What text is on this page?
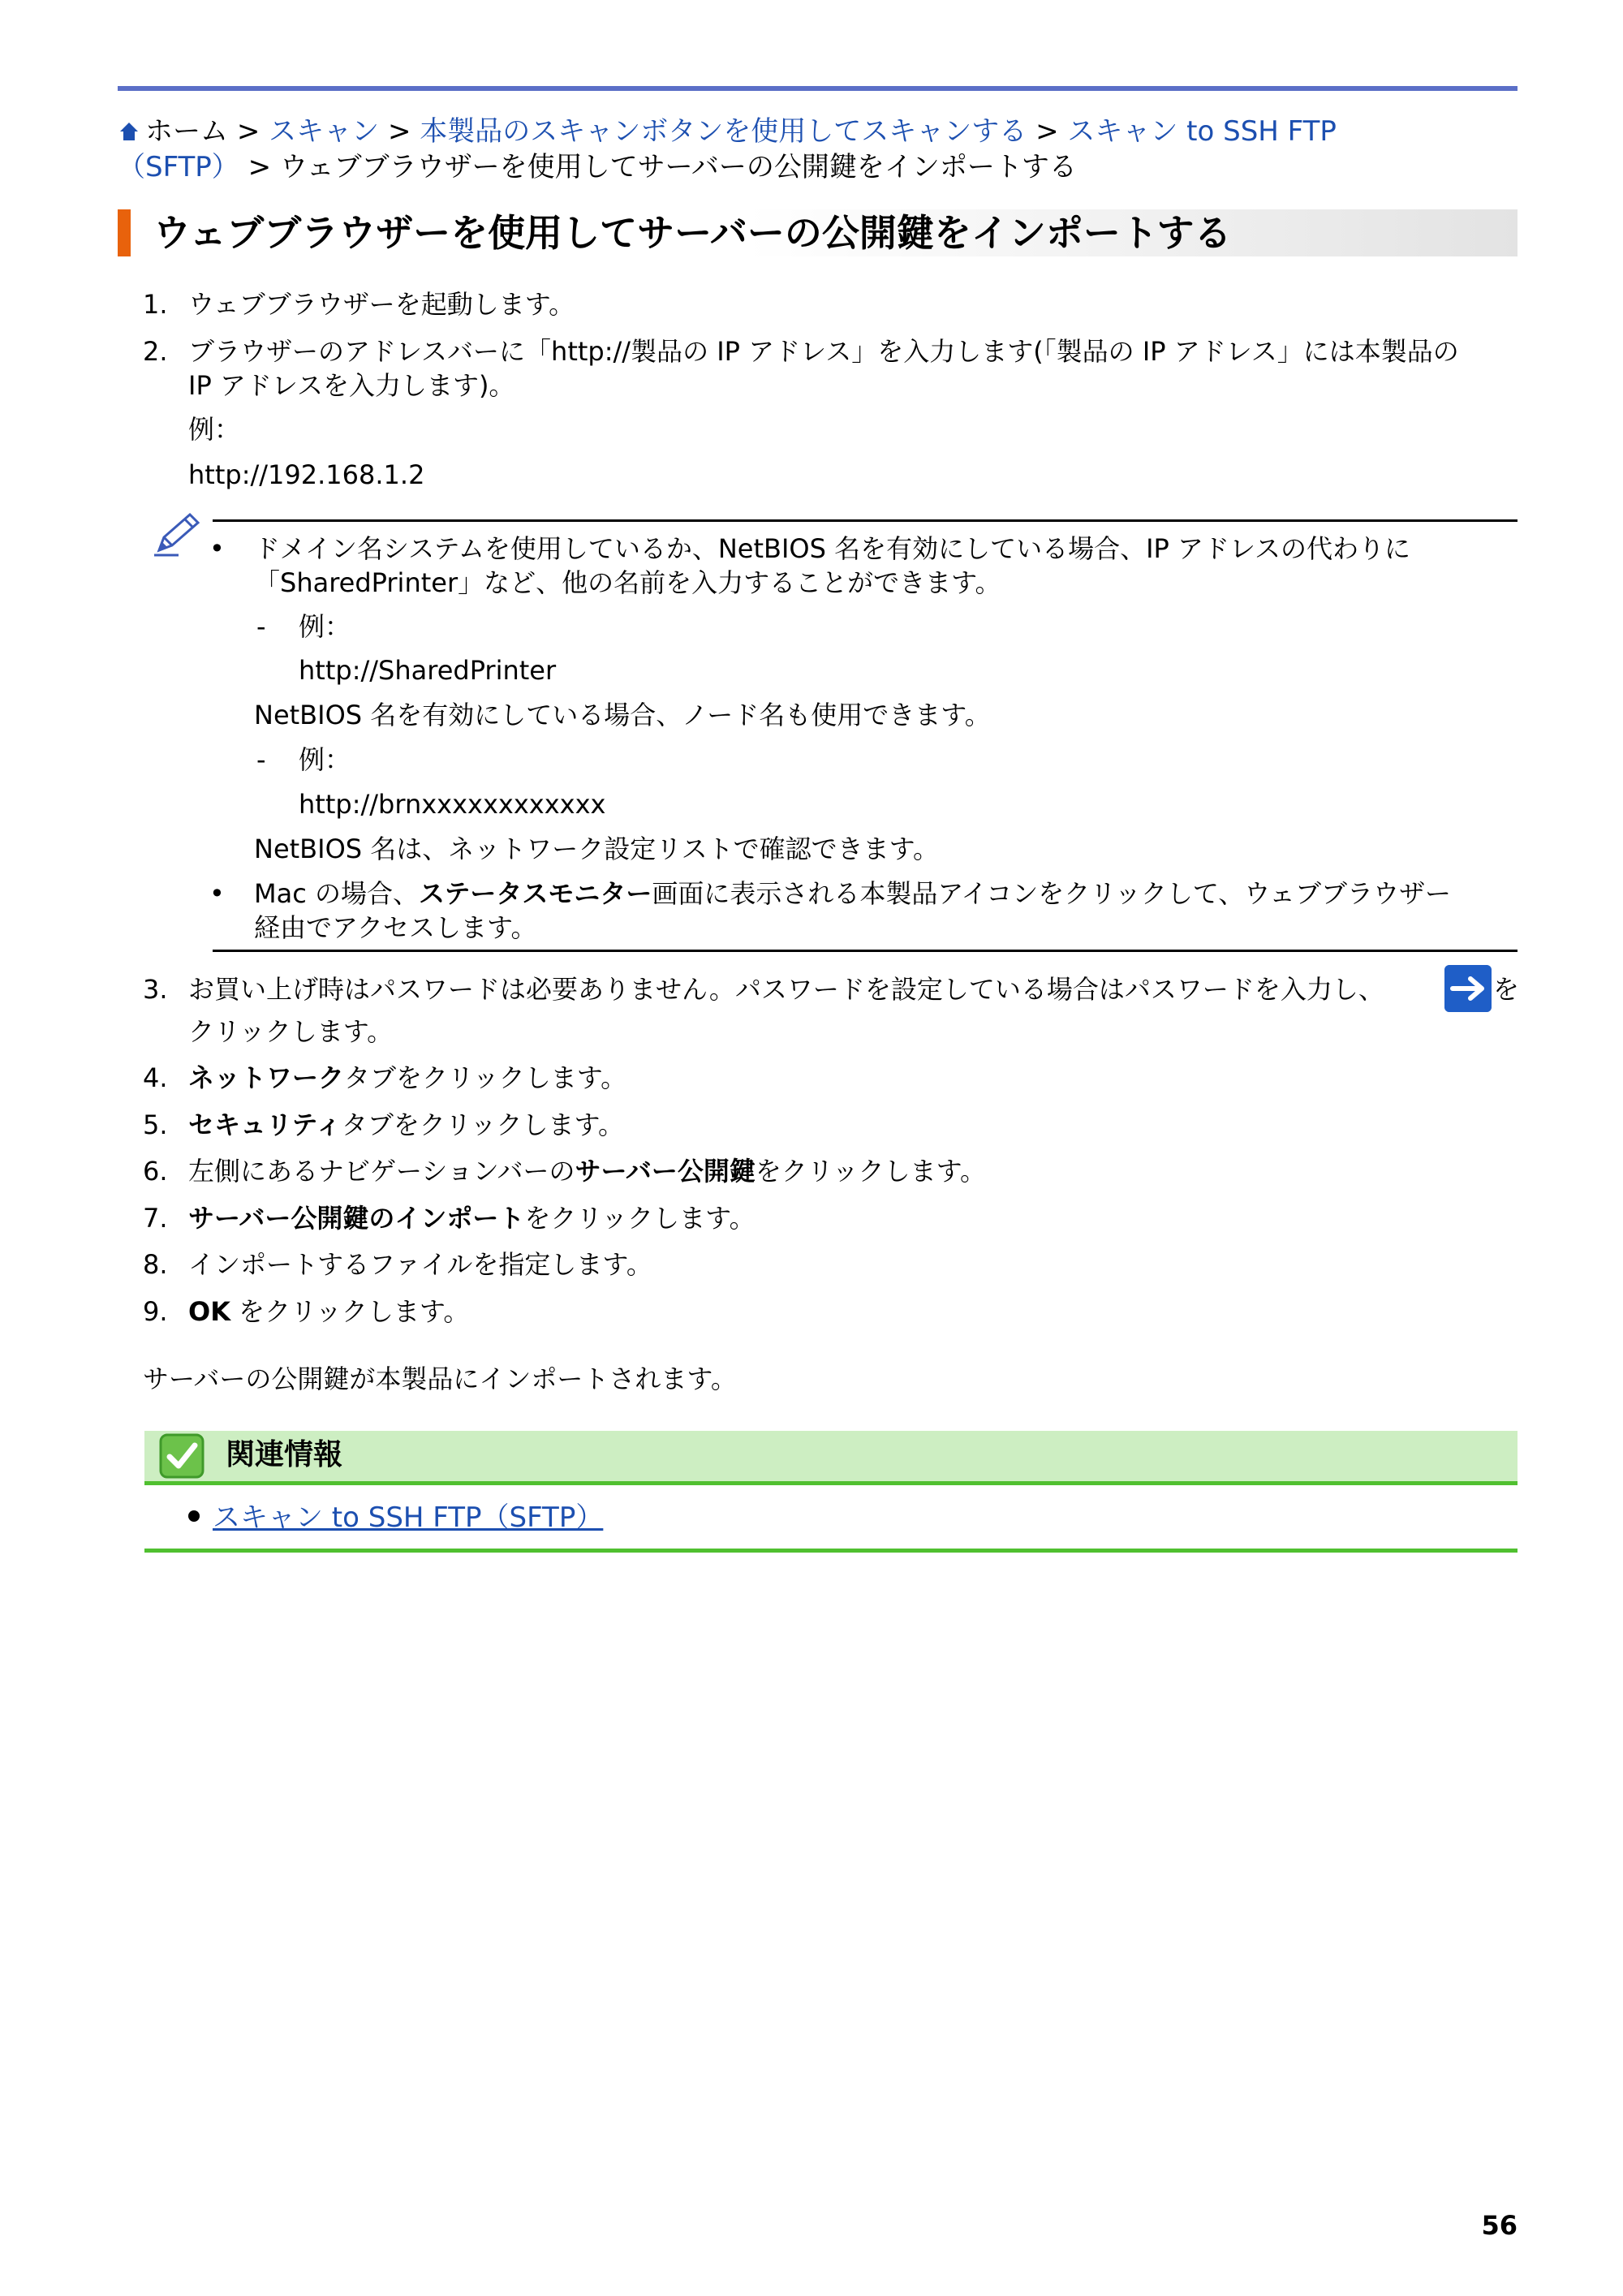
ホーム > スキャン > 本製品のスキャンボタンを使用してスキャンする > スキャン to SSH FTP
（SFTP） > ウェブブラウザーを使用してサーバーの公開鍵をインポートする
ウェブブラウザーを使用してサーバーの公開鍵をインポートする
1. ウェブブラウザーを起動します。
2. ブラウザーのアドレスバーに「http://製品の IP アドレス」を入力します(「製品の IP アドレス」には本製品の
IP アドレスを入力します)。
例：
http://192.168.1.2
• ドメイン名システムを使用しているか、NetBIOS 名を有効にしている場合、IP アドレスの代わりに
「SharedPrinter」など、他の名前を入力することができます。
- 例：
http://SharedPrinter
NetBIOS 名を有効にしている場合、ノード名も使用できます。
- 例：
http://brnxxxxxxxxxxxx
NetBIOS 名は、ネットワーク設定リストで確認できます。
• Mac の場合、ステータスモニター画面に表示される本製品アイコンをクリックして、ウェブブラウザー
経由でアクセスします。
3. お買い上げ時はパスワードは必要ありません。パスワードを設定している場合はパスワードを入力し、	を
クリックします。
4. ネットワークタブをクリックします。
5. セキュリティタブをクリックします。
6. 左側にあるナビゲーションバーのサーバー公開鍵をクリックします。
7. サーバー公開鍵のインポートをクリックします。
8. インポートするファイルを指定します。
9. OK をクリックします。
サーバーの公開鍵が本製品にインポートされます。
関連情報
スキャン to SSH FTP（SFTP）
56
